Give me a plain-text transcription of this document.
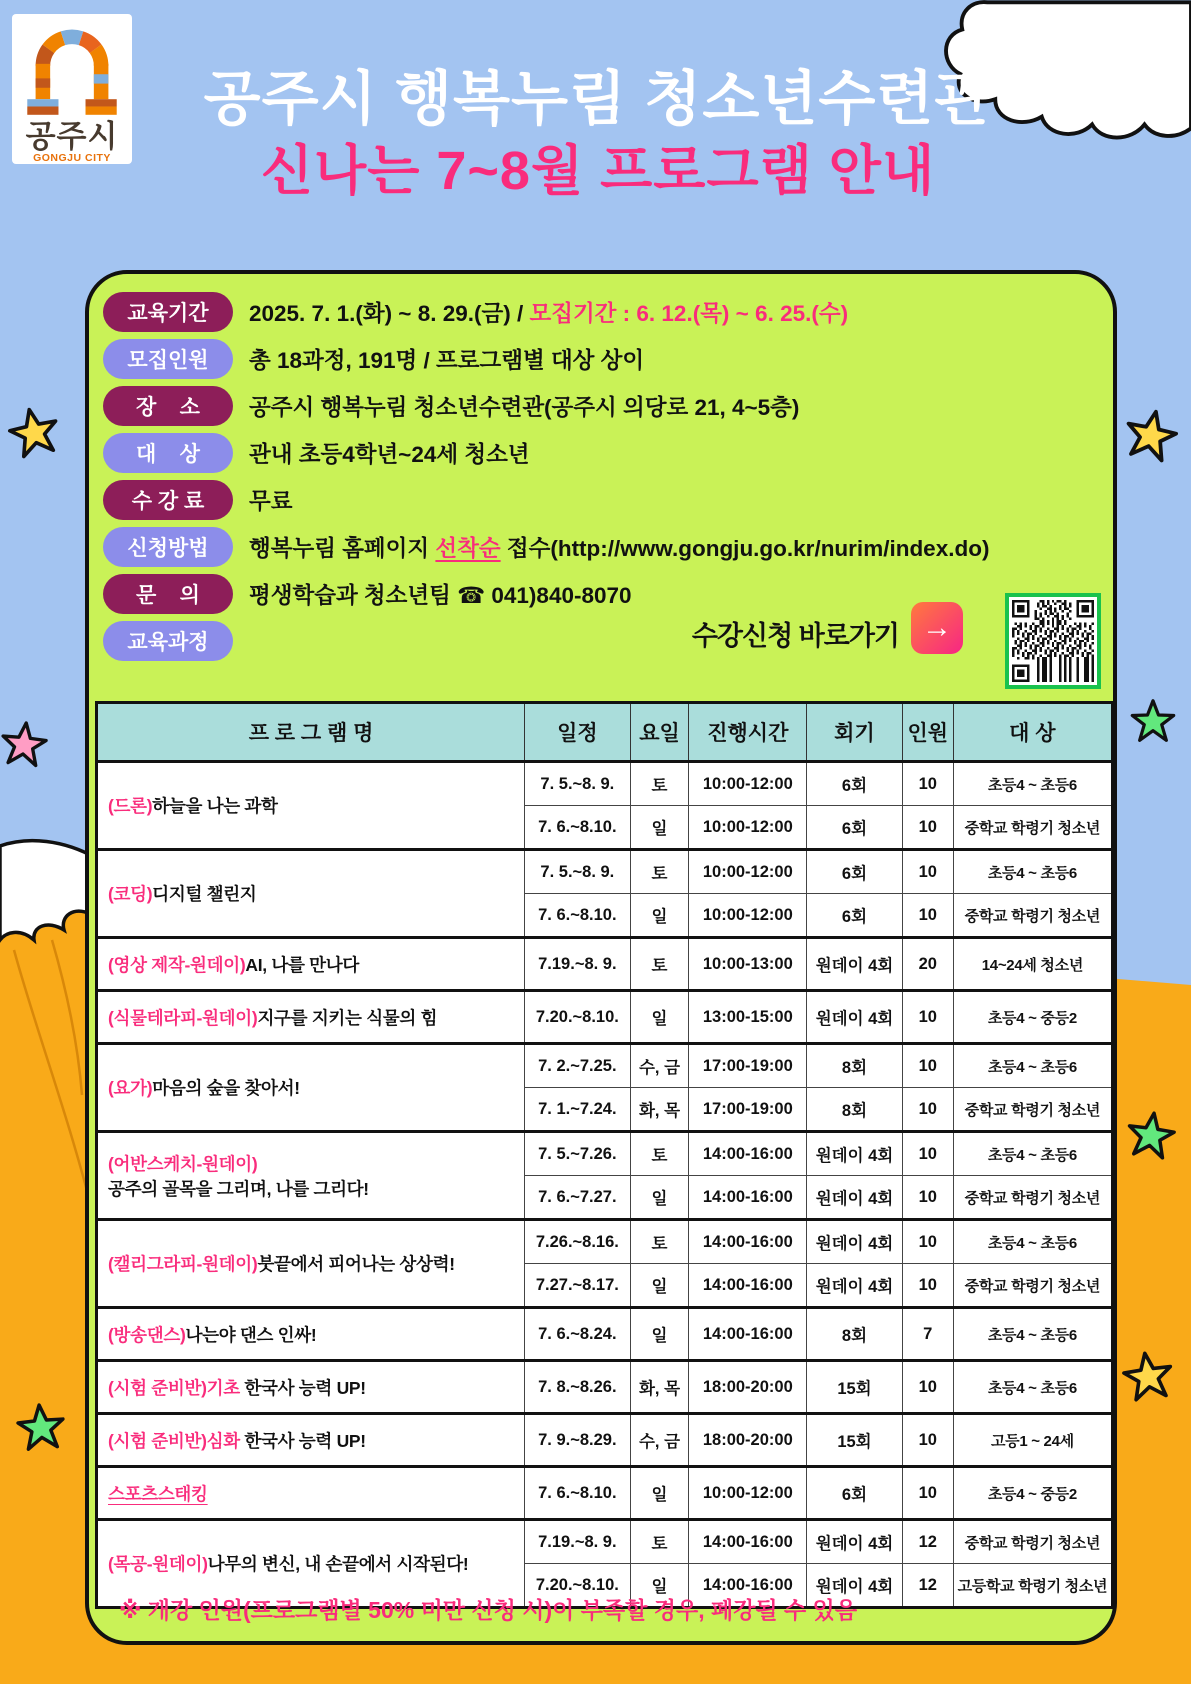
공주시
GONGJU CITY
공주시 행복누림 청소년수련관
신나는 7~8월 프로그램 안내
교육기간	2025. 7. 1.(화) ~ 8. 29.(금) / 모집기간 : 6. 12.(목) ~ 6. 25.(수)
모집인원	총 18과정, 191명 / 프로그램별 대상 상이
장    소	공주시 행복누림 청소년수련관(공주시 의당로 21, 4~5층)
대    상	관내 초등4학년~24세 청소년
수 강 료	무료
신청방법	행복누림 홈페이지 선착순 접수(http://www.gongju.go.kr/nurim/index.do)
문    의	평생학습과 청소년팀 ☎ 041)840-8070
교육과정	수강신청 바로가기 →
프 로 그 램 명	일정	요일	진행시간	회기	인원	대 상
(드론)하늘을 나는 과학	7. 5.~8. 9.	토	10:00-12:00	6회	10	초등4 ~ 초등6
	7. 6.~8.10.	일	10:00-12:00	6회	10	중학교 학령기 청소년
(코딩)디지털 챌린지	7. 5.~8. 9.	토	10:00-12:00	6회	10	초등4 ~ 초등6
	7. 6.~8.10.	일	10:00-12:00	6회	10	중학교 학령기 청소년
(영상 제작-원데이)AI, 나를 만나다	7.19.~8. 9.	토	10:00-13:00	원데이 4회	20	14~24세 청소년
(식물테라피-원데이)지구를 지키는 식물의 힘	7.20.~8.10.	일	13:00-15:00	원데이 4회	10	초등4 ~ 중등2
(요가)마음의 숲을 찾아서!	7. 2.~7.25.	수, 금	17:00-19:00	8회	10	초등4 ~ 초등6
	7. 1.~7.24.	화, 목	17:00-19:00	8회	10	중학교 학령기 청소년
(어반스케치-원데이)
공주의 골목을 그리며, 나를 그리다!	7. 5.~7.26.	토	14:00-16:00	원데이 4회	10	초등4 ~ 초등6
	7. 6.~7.27.	일	14:00-16:00	원데이 4회	10	중학교 학령기 청소년
(캘리그라피-원데이)붓끝에서 피어나는 상상력!	7.26.~8.16.	토	14:00-16:00	원데이 4회	10	초등4 ~ 초등6
	7.27.~8.17.	일	14:00-16:00	원데이 4회	10	중학교 학령기 청소년
(방송댄스)나는야 댄스 인싸!	7. 6.~8.24.	일	14:00-16:00	8회	7	초등4 ~ 초등6
(시험 준비반)기초 한국사 능력 UP!	7. 8.~8.26.	화, 목	18:00-20:00	15회	10	초등4 ~ 초등6
(시험 준비반)심화 한국사 능력 UP!	7. 9.~8.29.	수, 금	18:00-20:00	15회	10	고등1 ~ 24세
스포츠스태킹	7. 6.~8.10.	일	10:00-12:00	6회	10	초등4 ~ 중등2
(목공-원데이)나무의 변신, 내 손끝에서 시작된다!	7.19.~8. 9.	토	14:00-16:00	원데이 4회	12	중학교 학령기 청소년
	7.20.~8.10.	일	14:00-16:00	원데이 4회	12	고등학교 학령기 청소년
※ 개강 인원(프로그램별 50% 미만 신청 시)이 부족할 경우, 폐강될 수 있음
